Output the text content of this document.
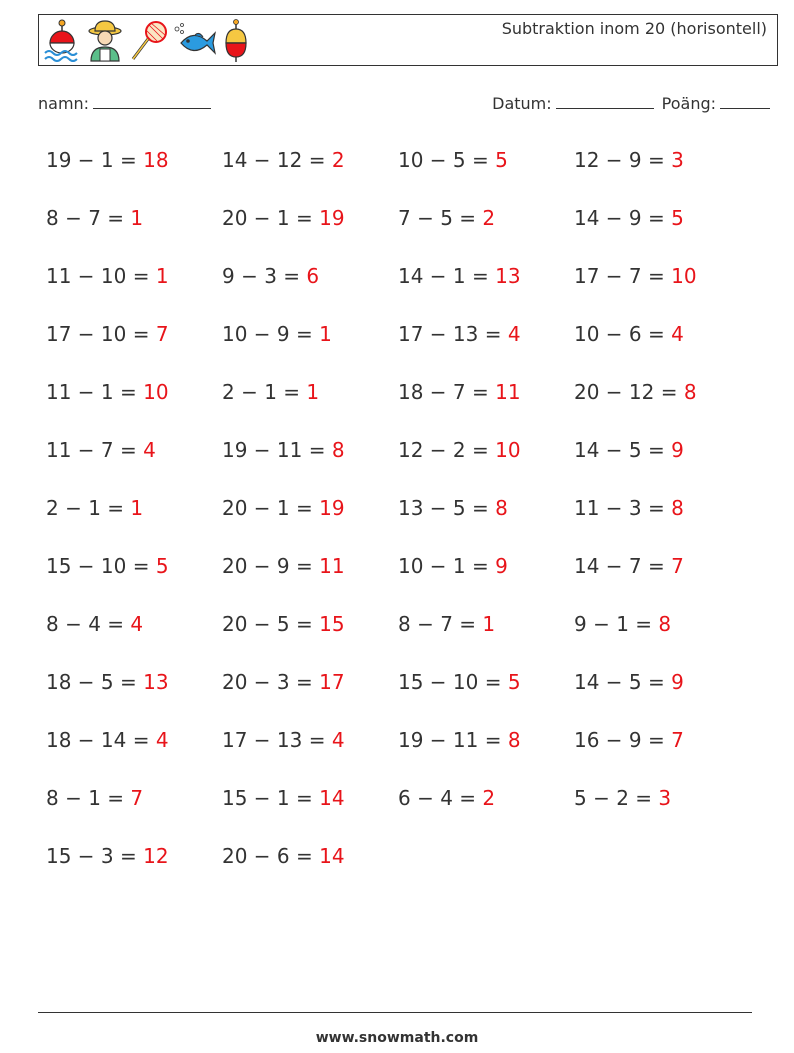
Subtraktion inom 20 (horisontell)
namn:	Datum:	Poäng:
19 − 1 = 18	14 − 12 = 2	10 − 5 = 5	12 − 9 = 3
8 − 7 = 1	20 − 1 = 19	7 − 5 = 2	14 − 9 = 5
11 − 10 = 1	9 − 3 = 6	14 − 1 = 13	17 − 7 = 10
17 − 10 = 7	10 − 9 = 1	17 − 13 = 4	10 − 6 = 4
11 − 1 = 10	2 − 1 = 1	18 − 7 = 11	20 − 12 = 8
11 − 7 = 4	19 − 11 = 8	12 − 2 = 10	14 − 5 = 9
2 − 1 = 1	20 − 1 = 19	13 − 5 = 8	11 − 3 = 8
15 − 10 = 5	20 − 9 = 11	10 − 1 = 9	14 − 7 = 7
8 − 4 = 4	20 − 5 = 15	8 − 7 = 1	9 − 1 = 8
18 − 5 = 13	20 − 3 = 17	15 − 10 = 5	14 − 5 = 9
18 − 14 = 4	17 − 13 = 4	19 − 11 = 8	16 − 9 = 7
8 − 1 = 7	15 − 1 = 14	6 − 4 = 2	5 − 2 = 3
15 − 3 = 12	20 − 6 = 14
www.snowmath.com
